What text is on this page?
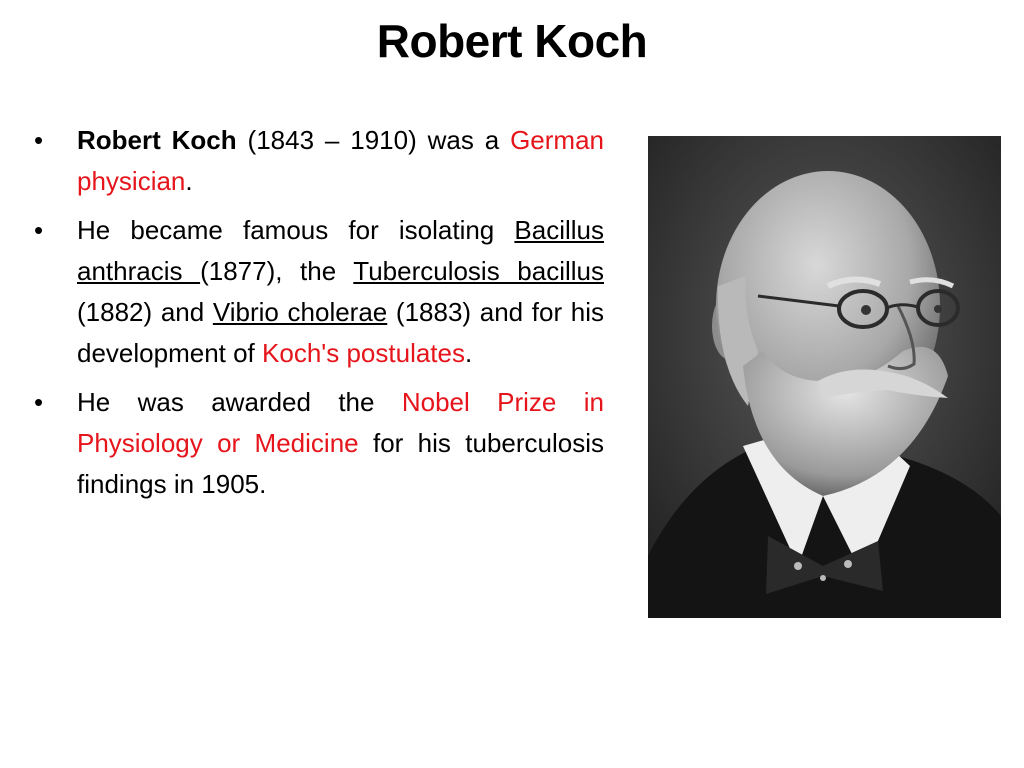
Robert Koch
• Robert Koch (1843 – 1910) was a German physician.
• He became famous for isolating Bacillus anthracis (1877), the Tuberculosis bacillus (1882) and Vibrio cholerae (1883) and for his development of Koch's postulates.
• He was awarded the Nobel Prize in Physiology or Medicine for his tuberculosis findings in 1905.
